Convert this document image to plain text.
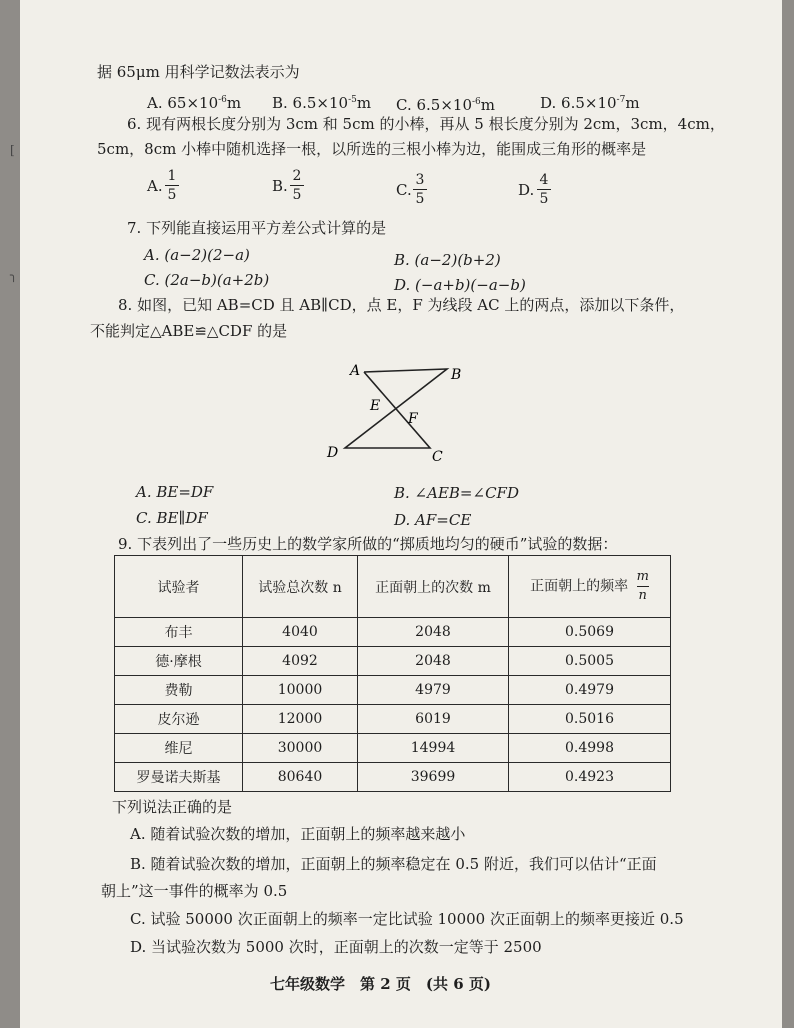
[
╮
据 65μm 用科学记数法表示为
A. $65\times 10^{-6}m$ B. $6.5\times 10^{-5}m$ C. $6.5\times 10^{-6}m$	D. $6.5\times 10^{-7}m$
6. 现有两根长度分别为 3cm 和 5cm 的小棒，再从 5 根长度分别为 2cm，3cm，4cm，
5cm，8cm 小棒中随机选择一根，以所选的三根小棒为边，能围成三角形的概率是
A.
1
5	B.
2
5	C.
3
5	D.
4
5
7. 下列能直接运用平方差公式计算的是
A. (a−2)(2−a)	B. (a−2)(b+2)
C. (2a−b)(a+2b)	D. (−a+b)(−a−b)
8. 如图，已知 AB=CD 且 AB∥CD，点 E，F 为线段 AC 上的两点，添加以下条件，
不能判定△ABE≌△CDF 的是
A	B
E
F
D	C
A. BE=DF	B. ∠AEB=∠CFD
C. BE∥DF	D. AF=CE
9. 下表列出了一些历史上的数学家所做的“掷质地均匀的硬币”试验的数据：
试验者	试验总次数 n	正面朝上的次数 m	正面朝上的频率 $\frac{m}{n}$
布丰	4040	2048	0.5069
德·摩根	4092	2048	0.5005
费勒	10000	4979	0.4979
皮尔逊	12000	6019	0.5016
维尼	30000	14994	0.4998
罗曼诺夫斯基	80640	39699	0.4923
下列说法正确的是
A. 随着试验次数的增加，正面朝上的频率越来越小
B. 随着试验次数的增加，正面朝上的频率稳定在 0.5 附近，我们可以估计“正面
朝上”这一事件的概率为 0.5
C. 试验 50000 次正面朝上的频率一定比试验 10000 次正面朝上的频率更接近 0.5
D. 当试验次数为 5000 次时，正面朝上的次数一定等于 2500
七年级数学　第 2 页　(共 6 页)
